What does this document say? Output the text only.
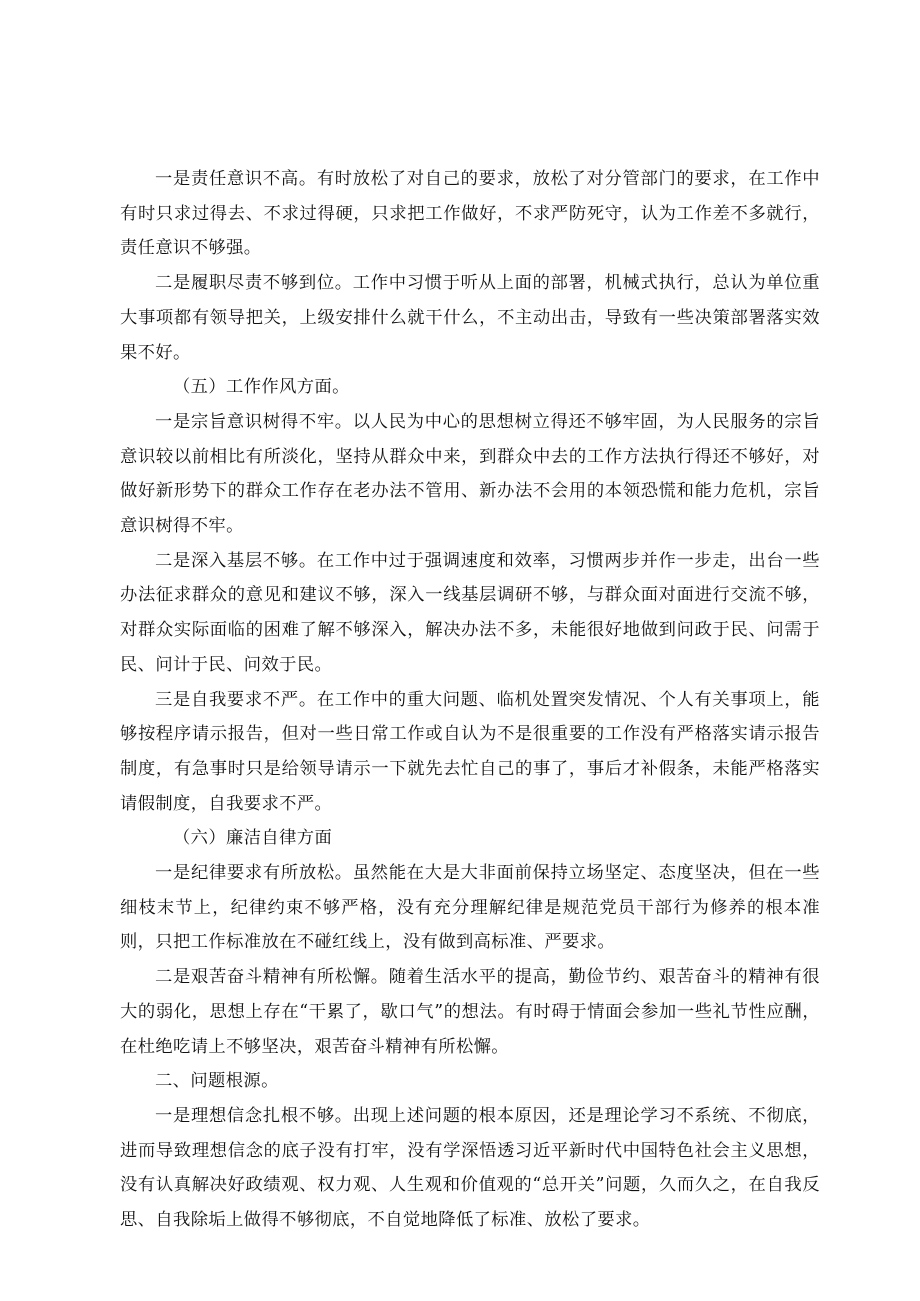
一是责任意识不高。有时放松了对自己的要求，放松了对分管部门的要求，在工作中有时只求过得去、不求过得硬，只求把工作做好，不求严防死守，认为工作差不多就行，责任意识不够强。

二是履职尽责不够到位。工作中习惯于听从上面的部署，机械式执行，总认为单位重大事项都有领导把关，上级安排什么就干什么，不主动出击，导致有一些决策部署落实效果不好。

（五）工作作风方面。

一是宗旨意识树得不牢。以人民为中心的思想树立得还不够牢固，为人民服务的宗旨意识较以前相比有所淡化，坚持从群众中来，到群众中去的工作方法执行得还不够好，对做好新形势下的群众工作存在老办法不管用、新办法不会用的本领恐慌和能力危机，宗旨意识树得不牢。

二是深入基层不够。在工作中过于强调速度和效率，习惯两步并作一步走，出台一些办法征求群众的意见和建议不够，深入一线基层调研不够，与群众面对面进行交流不够，对群众实际面临的困难了解不够深入，解决办法不多，未能很好地做到问政于民、问需于民、问计于民、问效于民。

三是自我要求不严。在工作中的重大问题、临机处置突发情况、个人有关事项上，能够按程序请示报告，但对一些日常工作或自认为不是很重要的工作没有严格落实请示报告制度，有急事时只是给领导请示一下就先去忙自己的事了，事后才补假条，未能严格落实请假制度，自我要求不严。

（六）廉洁自律方面

一是纪律要求有所放松。虽然能在大是大非面前保持立场坚定、态度坚决，但在一些细枝末节上，纪律约束不够严格，没有充分理解纪律是规范党员干部行为修养的根本准则，只把工作标准放在不碰红线上，没有做到高标准、严要求。

二是艰苦奋斗精神有所松懈。随着生活水平的提高，勤俭节约、艰苦奋斗的精神有很大的弱化，思想上存在“干累了，歇口气”的想法。有时碍于情面会参加一些礼节性应酬，在杜绝吃请上不够坚决，艰苦奋斗精神有所松懈。

二、问题根源。

一是理想信念扎根不够。出现上述问题的根本原因，还是理论学习不系统、不彻底，进而导致理想信念的底子没有打牢，没有学深悟透习近平新时代中国特色社会主义思想，没有认真解决好政绩观、权力观、人生观和价值观的“总开关”问题，久而久之，在自我反思、自我除垢上做得不够彻底，不自觉地降低了标准、放松了要求。
